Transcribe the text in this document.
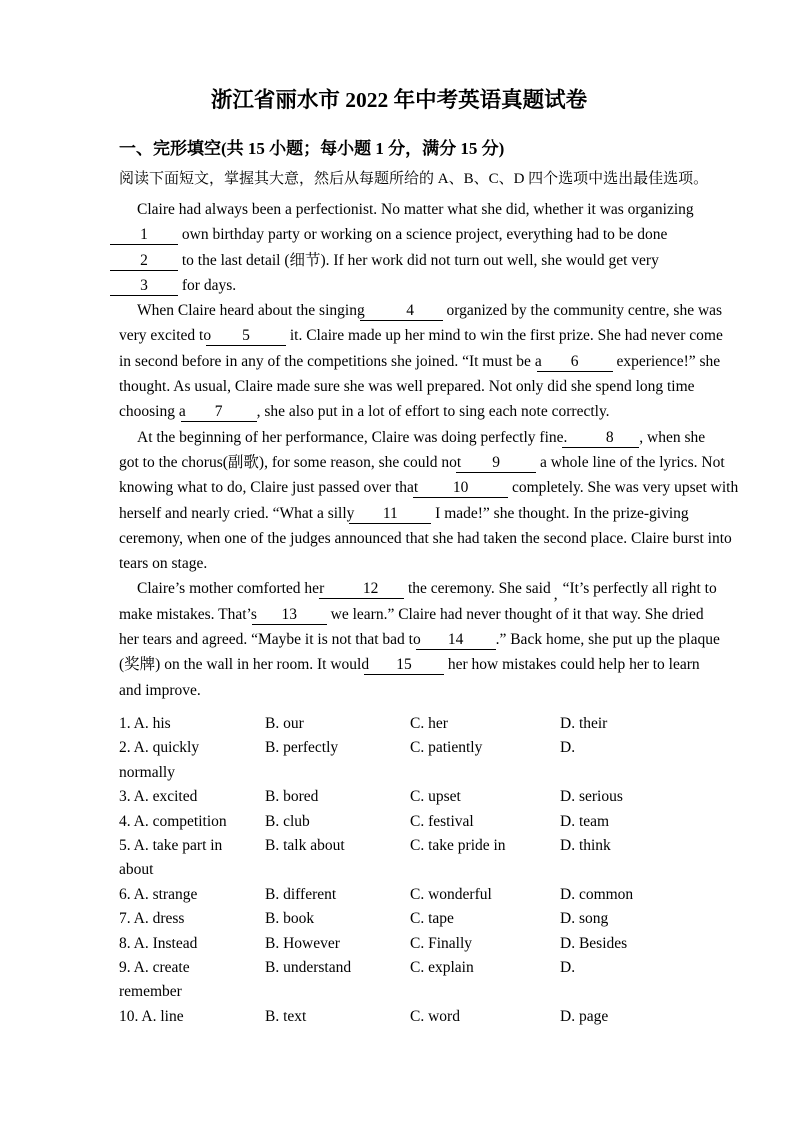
浙江省丽水市 2022 年中考英语真题试卷
一、完形填空(共 15 小题；每小题 1 分，满分 15 分)

阅读下面短文，掌握其大意，然后从每题所给的 A、B、C、D 四个选项中选出最佳选项。

Claire had always been a perfectionist. No matter what she did, whether it was organizing
1 own birthday party or working on a science project, everything had to be done
2 to the last detail (细节). If her work did not turn out well, she would get very
3 for days.
When Claire heard about the singing 4 organized by the community centre, she was
very excited to 5 it. Claire made up her mind to win the first prize. She had never come
in second before in any of the competitions she joined. “It must be a 6 experience!” she
thought. As usual, Claire made sure she was well prepared. Not only did she spend long time
choosing a 7 , she also put in a lot of effort to sing each note correctly.
At the beginning of her performance, Claire was doing perfectly fine. 8 , when she
got to the chorus(副歌), for some reason, she could not 9 a whole line of the lyrics. Not
knowing what to do, Claire just passed over that 10	completely. She was very upset with
herself and nearly cried. “What a silly 11 I made!” she thought. In the prize-giving
ceremony, when one of the judges announced that she had taken the second place. Claire burst into
tears on stage.
Claire’s mother comforted her 12 the ceremony. She said , “It’s perfectly all right to
make mistakes. That’s 13 we learn.” Claire had never thought of it that way. She dried
her tears and agreed. “Maybe it is not that bad to 14 .” Back home, she put up the plaque
(奖牌) on the wall in her room. It would 15 her how mistakes could help her to learn
and improve.
1. A. his	B. our	C. her	D. their
2. A. quickly	B. perfectly	C. patiently	D.
normally
3. A. excited	B. bored	C. upset	D. serious
4. A. competition	B. club	C. festival	D. team
5. A. take part in	B. talk about	C. take pride in	D. think
about
6. A. strange	B. different	C. wonderful	D. common
7. A. dress	B. book	C. tape	D. song
8. A. Instead	B. However	C. Finally	D. Besides
9. A. create	B. understand	C. explain	D.
remember
10. A. line	B. text	C. word	D. page
